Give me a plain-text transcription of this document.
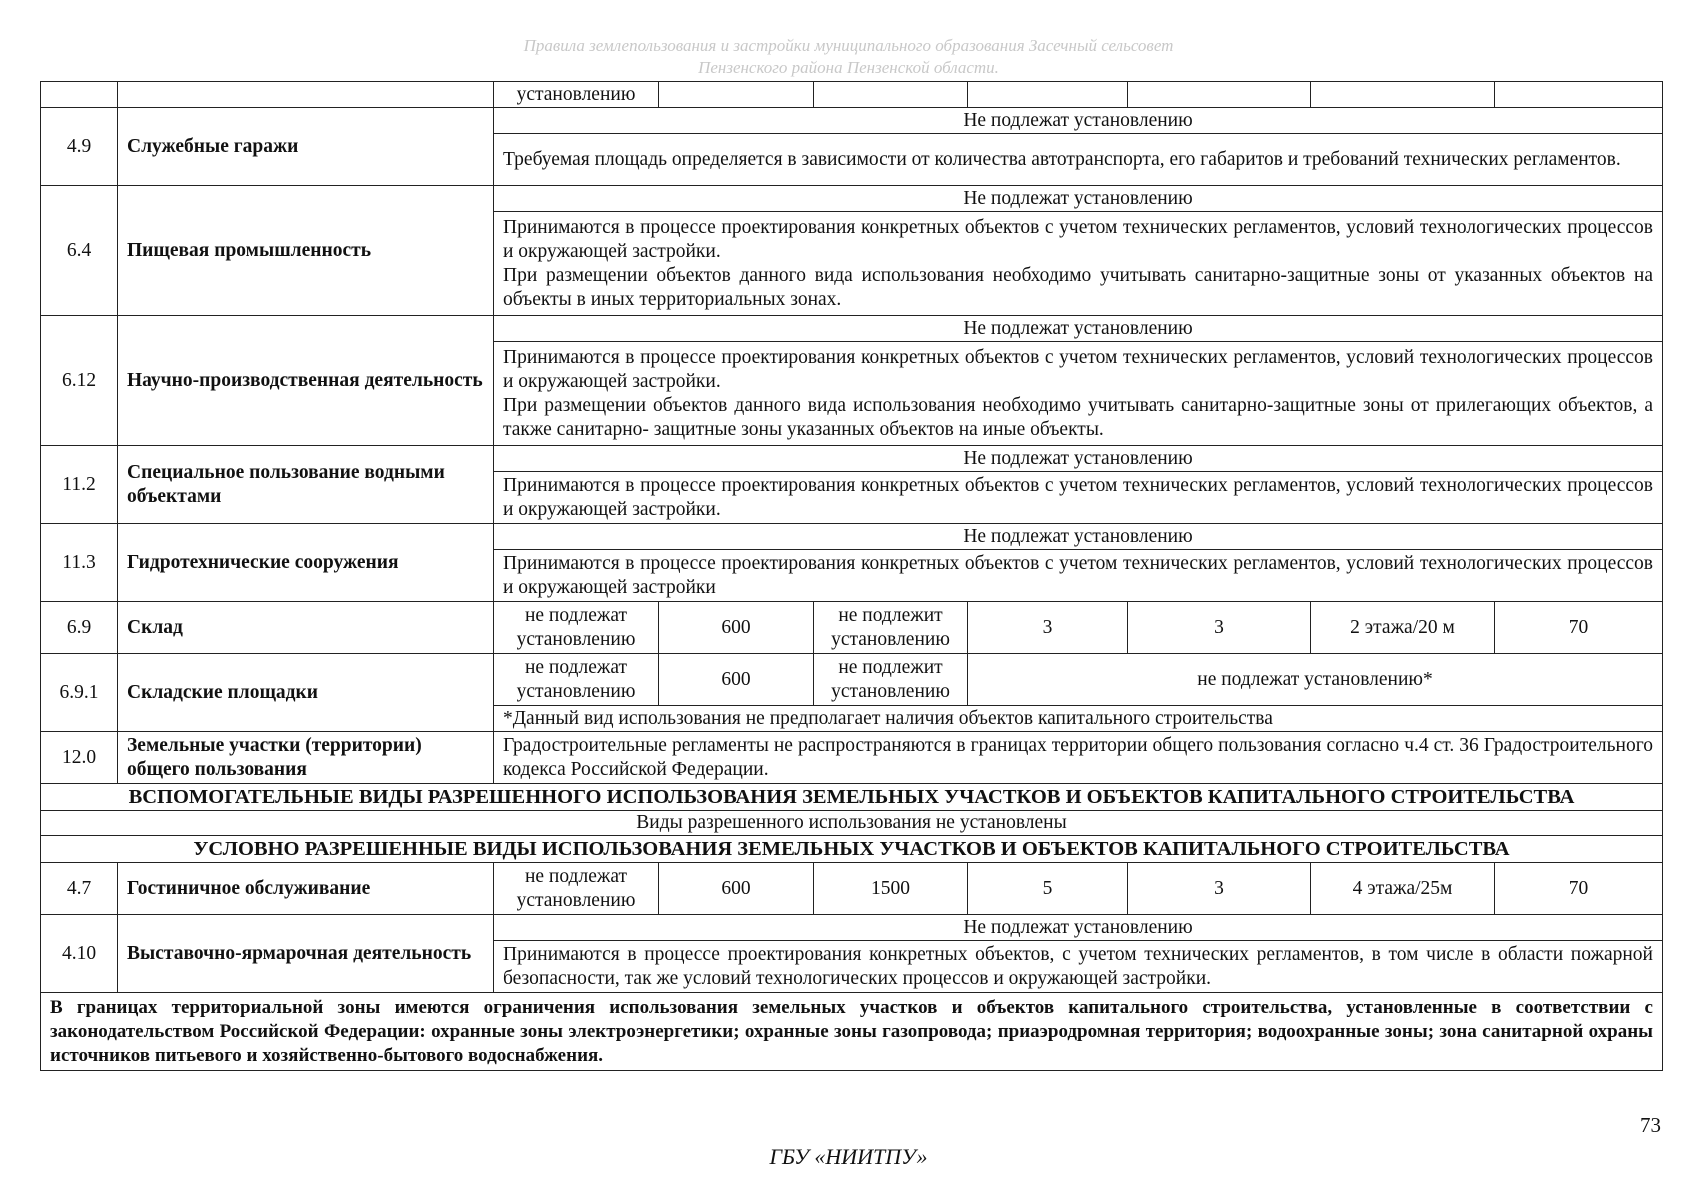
Правила землепользования и застройки муниципального образования Засечный сельсовет
Пензенского района Пензенской области.
		установлению						
4.9	Служебные гаражи	Не подлежат установлению						
		Требуемая площадь определяется в зависимости от количества автотранспорта, его габаритов и требований технических регламентов.						
6.4	Пищевая промышленность	Не подлежат установлению						

		Принимаются в процессе проектирования конкретных объектов с учетом технических регламентов, условий технологических процессов и окружающей застройки.
При размещении объектов данного вида использования необходимо учитывать санитарно-защитные зоны от указанных объектов на объекты в иных территориальных зонах.						

6.12	Научно-производственная деятельность	Не подлежат установлению						

		Принимаются в процессе проектирования конкретных объектов с учетом технических регламентов, условий технологических процессов и окружающей застройки.
При размещении объектов данного вида использования необходимо учитывать санитарно-защитные зоны от прилегающих объектов, а также санитарно- защитные зоны указанных объектов на иные объекты.						

11.2	Специальное пользование водными объектами	Не подлежат установлению						
		Принимаются в процессе проектирования конкретных объектов с учетом технических регламентов, условий технологических процессов и окружающей застройки.						
11.3	Гидротехнические сооружения	Не подлежат установлению						
		Принимаются в процессе проектирования конкретных объектов с учетом технических регламентов, условий технологических процессов и окружающей застройки						
6.9	Склад	не подлежат установлению	600	не подлежит установлению	3	3	2 этажа/20 м	70
6.9.1	Складские площадки	не подлежат установлению	600	не подлежит установлению	не подлежат установлению*			
		*Данный вид использования не предполагает наличия объектов капитального строительства						
12.0	Земельные участки (территории) общего пользования	Градостроительные регламенты не распространяются в границах территории общего пользования согласно ч.4 ст. 36 Градостроительного кодекса Российской Федерации.						
ВСПОМОГАТЕЛЬНЫЕ ВИДЫ РАЗРЕШЕННОГО ИСПОЛЬЗОВАНИЯ ЗЕМЕЛЬНЫХ УЧАСТКОВ И ОБЪЕКТОВ КАПИТАЛЬНОГО СТРОИТЕЛЬСТВА								
Виды разрешенного использования не установлены								
УСЛОВНО РАЗРЕШЕННЫЕ ВИДЫ ИСПОЛЬЗОВАНИЯ ЗЕМЕЛЬНЫХ УЧАСТКОВ И ОБЪЕКТОВ КАПИТАЛЬНОГО СТРОИТЕЛЬСТВА								
4.7	Гостиничное обслуживание	не подлежат установлению	600	1500	5	3	4 этажа/25м	70
4.10	Выставочно-ярмарочная деятельность	Не подлежат установлению						
		Принимаются в процессе проектирования конкретных объектов, с учетом технических регламентов, в том числе в области пожарной безопасности, так же условий технологических процессов и окружающей застройки.						
В границах территориальной зоны имеются ограничения использования земельных участков и объектов капитального строительства, установленные в соответствии с законодательством Российской Федерации: охранные зоны электроэнергетики; охранные зоны газопровода; приаэродромная территория; водоохранные зоны; зона санитарной охраны источников питьевого и хозяйственно-бытового водоснабжения.								
73
ГБУ «НИИТПУ»
